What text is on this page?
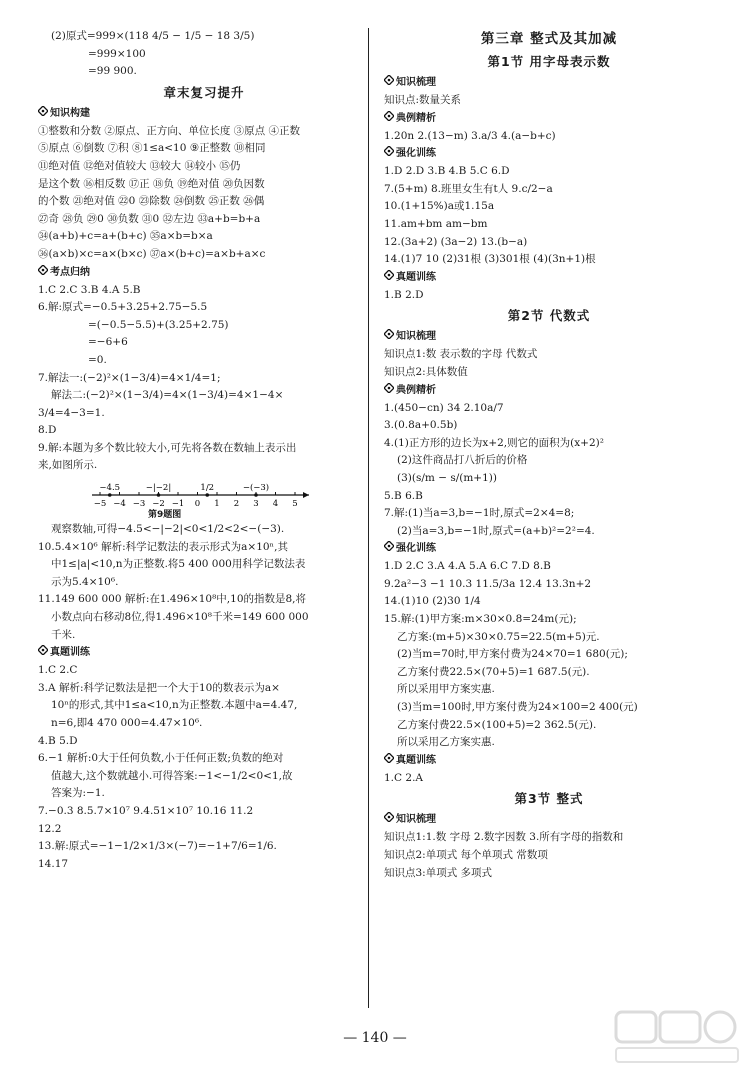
(2)原式=999×(118 4/5 − 1/5 − 18 3/5)
=999×100
=99 900.
章末复习提升
知识构建
①整数和分数 ②原点、正方向、单位长度 ③原点 ④正数
⑤原点 ⑥倒数 ⑦积 ⑧1≤a<10 ⑨正整数 ⑩相同
⑪绝对值 ⑫绝对值较大 ⑬较大 ⑭较小 ⑮仍
是这个数 ⑯相反数 ⑰正 ⑱负 ⑲绝对值 ⑳负因数
的个数 ㉑绝对值 ㉒0 ㉓除数 ㉔倒数 ㉕正数 ㉖偶
㉗奇 ㉘负 ㉙0 ㉚负数 ㉛0 ㉜左边 ㉝a+b=b+a
㉞(a+b)+c=a+(b+c) ㉟a×b=b×a
㊱(a×b)×c=a×(b×c) ㊲a×(b+c)=a×b+a×c
考点归纳
1.C 2.C 3.B 4.A 5.B
6.解:原式=−0.5+3.25+2.75−5.5
=(−0.5−5.5)+(3.25+2.75)
=−6+6
=0.
7.解法一:(−2)²×(1−3/4)=4×1/4=1;
解法二:(−2)²×(1−3/4)=4×(1−3/4)=4×1−4×
3/4=4−3=1.
8.D
9.解:本题为多个数比较大小,可先将各数在数轴上表示出
来,如图所示.
−5 −4 −3 −2 −1 0 1 2 3 4 5
−4.5	−|−2|	1/2	−(−3)
第9题图
观察数轴,可得−4.5<−|−2|<0<1/2<2<−(−3).
10.5.4×10⁶ 解析:科学记数法的表示形式为a×10ⁿ,其
中1≤|a|<10,n为正整数.将5 400 000用科学记数法表
示为5.4×10⁶.
11.149 600 000 解析:在1.496×10⁸中,10的指数是8,将
小数点向右移动8位,得1.496×10⁸千米=149 600 000
千米.
真题训练
1.C 2.C
3.A 解析:科学记数法是把一个大于10的数表示为a×
10ⁿ的形式,其中1≤a<10,n为正整数.本题中a=4.47,
n=6,即4 470 000=4.47×10⁶.
4.B 5.D
6.−1 解析:0大于任何负数,小于任何正数;负数的绝对
值越大,这个数就越小.可得答案:−1<−1/2<0<1,故
答案为:−1.
7.−0.3 8.5.7×10⁷ 9.4.51×10⁷ 10.16 11.2
12.2
13.解:原式=−1−1/2×1/3×(−7)=−1+7/6=1/6.
14.17
第三章 整式及其加减
第1节 用字母表示数
知识梳理
知识点:数量关系
典例精析
1.20n 2.(13−m) 3.a/3 4.(a−b+c)
强化训练
1.D 2.D 3.B 4.B 5.C 6.D
7.(5+m) 8.班里女生有t人 9.c/2−a
10.(1+15%)a或1.15a
11.am+bm am−bm
12.(3a+2) (3a−2) 13.(b−a)
14.(1)7 10 (2)31根 (3)301根 (4)(3n+1)根
真题训练
1.B 2.D
第2节 代数式
知识梳理
知识点1:数 表示数的字母 代数式
知识点2:具体数值
典例精析
1.(450−cn) 34 2.10a/7
3.(0.8a+0.5b)
4.(1)正方形的边长为x+2,则它的面积为(x+2)²
(2)这件商品打八折后的价格
(3)(s/m − s/(m+1))
5.B 6.B
7.解:(1)当a=3,b=−1时,原式=2×4=8;
(2)当a=3,b=−1时,原式=(a+b)²=2²=4.
强化训练
1.D 2.C 3.A 4.A 5.A 6.C 7.D 8.B
9.2a²−3 −1 10.3 11.5/3a 12.4 13.3n+2
14.(1)10 (2)30 1/4
15.解:(1)甲方案:m×30×0.8=24m(元);
乙方案:(m+5)×30×0.75=22.5(m+5)元.
(2)当m=70时,甲方案付费为24×70=1 680(元);
乙方案付费22.5×(70+5)=1 687.5(元).
所以采用甲方案实惠.
(3)当m=100时,甲方案付费为24×100=2 400(元)
乙方案付费22.5×(100+5)=2 362.5(元).
所以采用乙方案实惠.
真题训练
1.C 2.A
第3节 整式
知识梳理
知识点1:1.数 字母 2.数字因数 3.所有字母的指数和
知识点2:单项式 每个单项式 常数项
知识点3:单项式 多项式
— 140 —
